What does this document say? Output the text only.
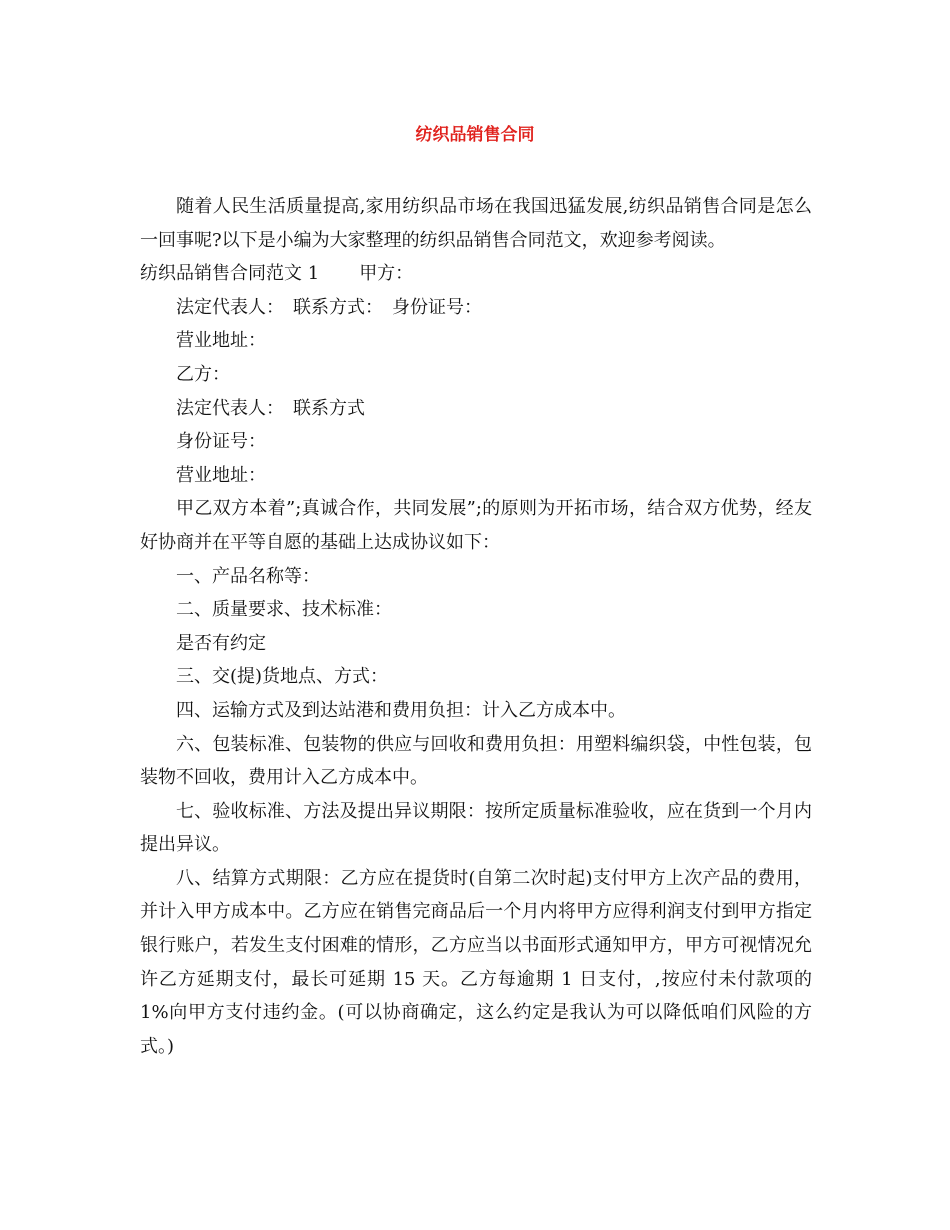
纺织品销售合同

随着人民生活质量提高,家用纺织品市场在我国迅猛发展,纺织品销售合同是怎么一回事呢?以下是小编为大家整理的纺织品销售合同范文，欢迎参考阅读。

纺织品销售合同范文 1 甲方：

法定代表人：　联系方式：　身份证号：

营业地址：

乙方：

法定代表人：　联系方式

身份证号：

营业地址：

甲乙双方本着”;真诚合作，共同发展”;的原则为开拓市场，结合双方优势，经友好协商并在平等自愿的基础上达成协议如下：

一、产品名称等：

二、质量要求、技术标准：

是否有约定

三、交(提)货地点、方式：

四、运输方式及到达站港和费用负担：计入乙方成本中。

六、包装标准、包装物的供应与回收和费用负担：用塑料编织袋，中性包装，包装物不回收，费用计入乙方成本中。

七、验收标准、方法及提出异议期限：按所定质量标准验收，应在货到一个月内提出异议。

八、结算方式期限：乙方应在提货时(自第二次时起)支付甲方上次产品的费用，并计入甲方成本中。乙方应在销售完商品后一个月内将甲方应得利润支付到甲方指定银行账户，若发生支付困难的情形，乙方应当以书面形式通知甲方，甲方可视情况允许乙方延期支付，最长可延期 15 天。乙方每逾期 1 日支付，,按应付未付款项的 1%向甲方支付违约金。(可以协商确定，这么约定是我认为可以降低咱们风险的方式。)
